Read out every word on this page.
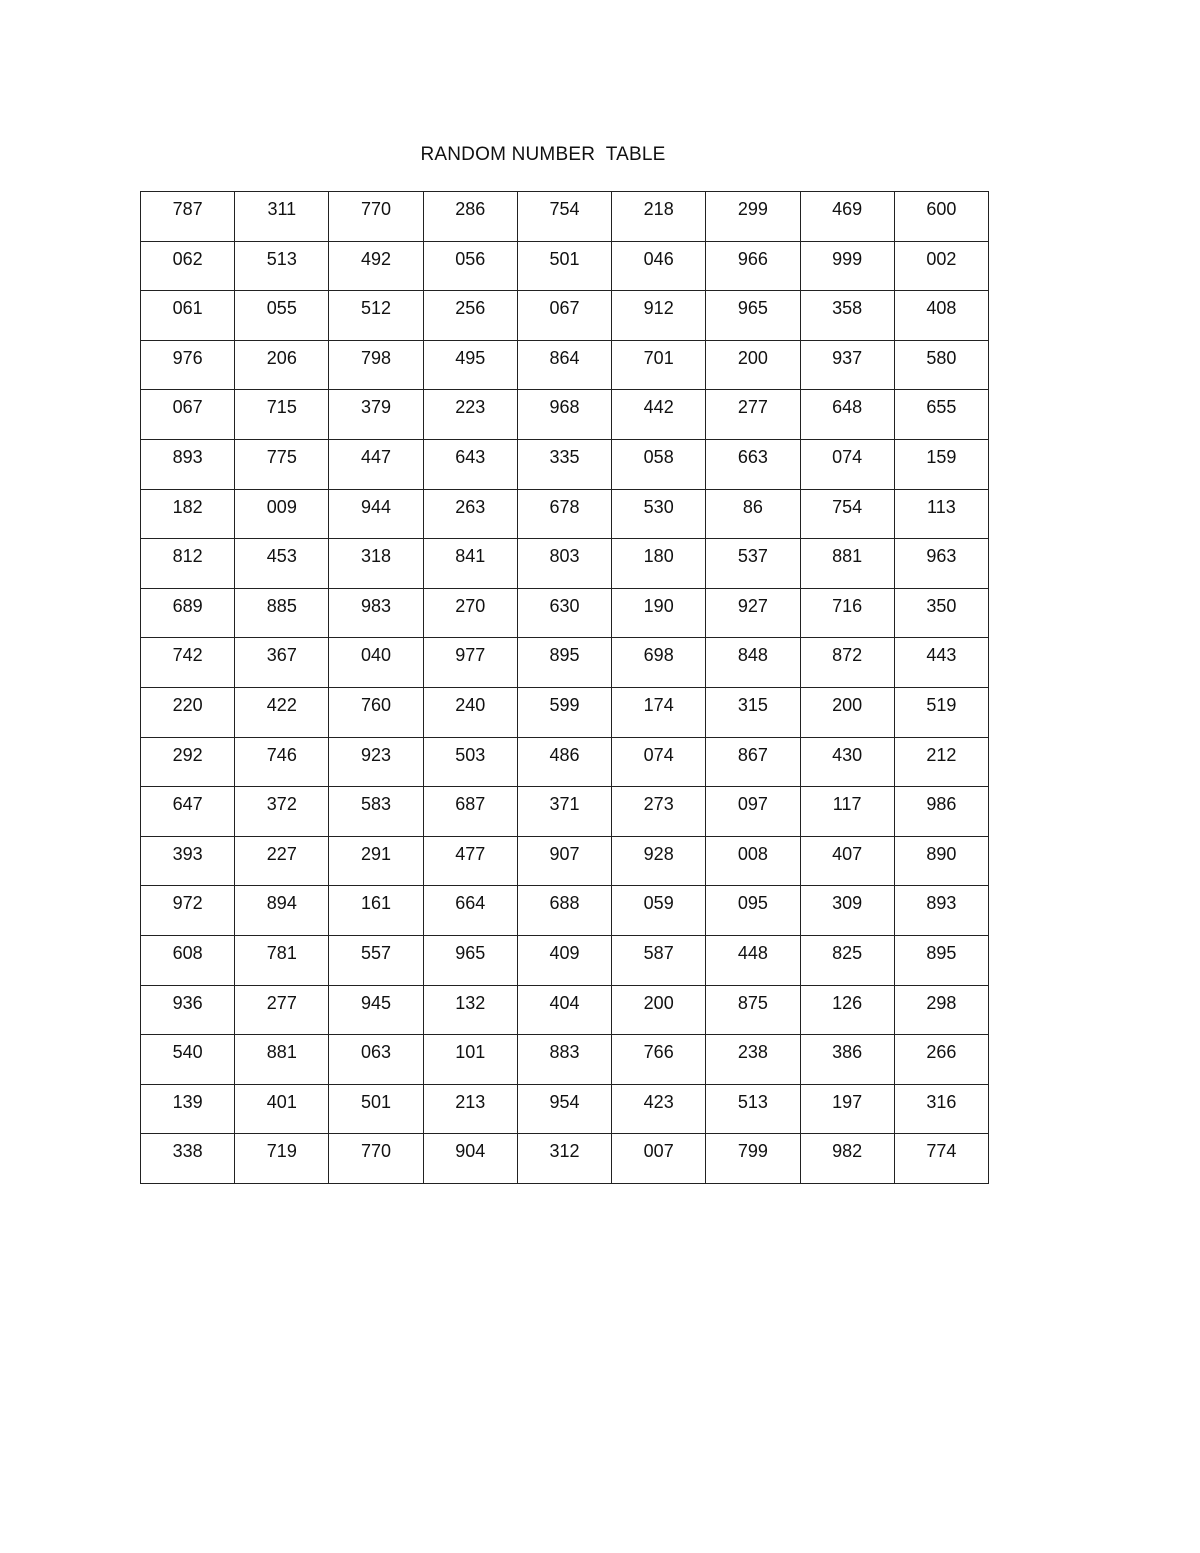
RANDOM NUMBER  TABLE
787	311	770	286	754	218	299	469	600
062	513	492	056	501	046	966	999	002
061	055	512	256	067	912	965	358	408
976	206	798	495	864	701	200	937	580
067	715	379	223	968	442	277	648	655
893	775	447	643	335	058	663	074	159
182	009	944	263	678	530	86	754	113
812	453	318	841	803	180	537	881	963
689	885	983	270	630	190	927	716	350
742	367	040	977	895	698	848	872	443
220	422	760	240	599	174	315	200	519
292	746	923	503	486	074	867	430	212
647	372	583	687	371	273	097	117	986
393	227	291	477	907	928	008	407	890
972	894	161	664	688	059	095	309	893
608	781	557	965	409	587	448	825	895
936	277	945	132	404	200	875	126	298
540	881	063	101	883	766	238	386	266
139	401	501	213	954	423	513	197	316
338	719	770	904	312	007	799	982	774
